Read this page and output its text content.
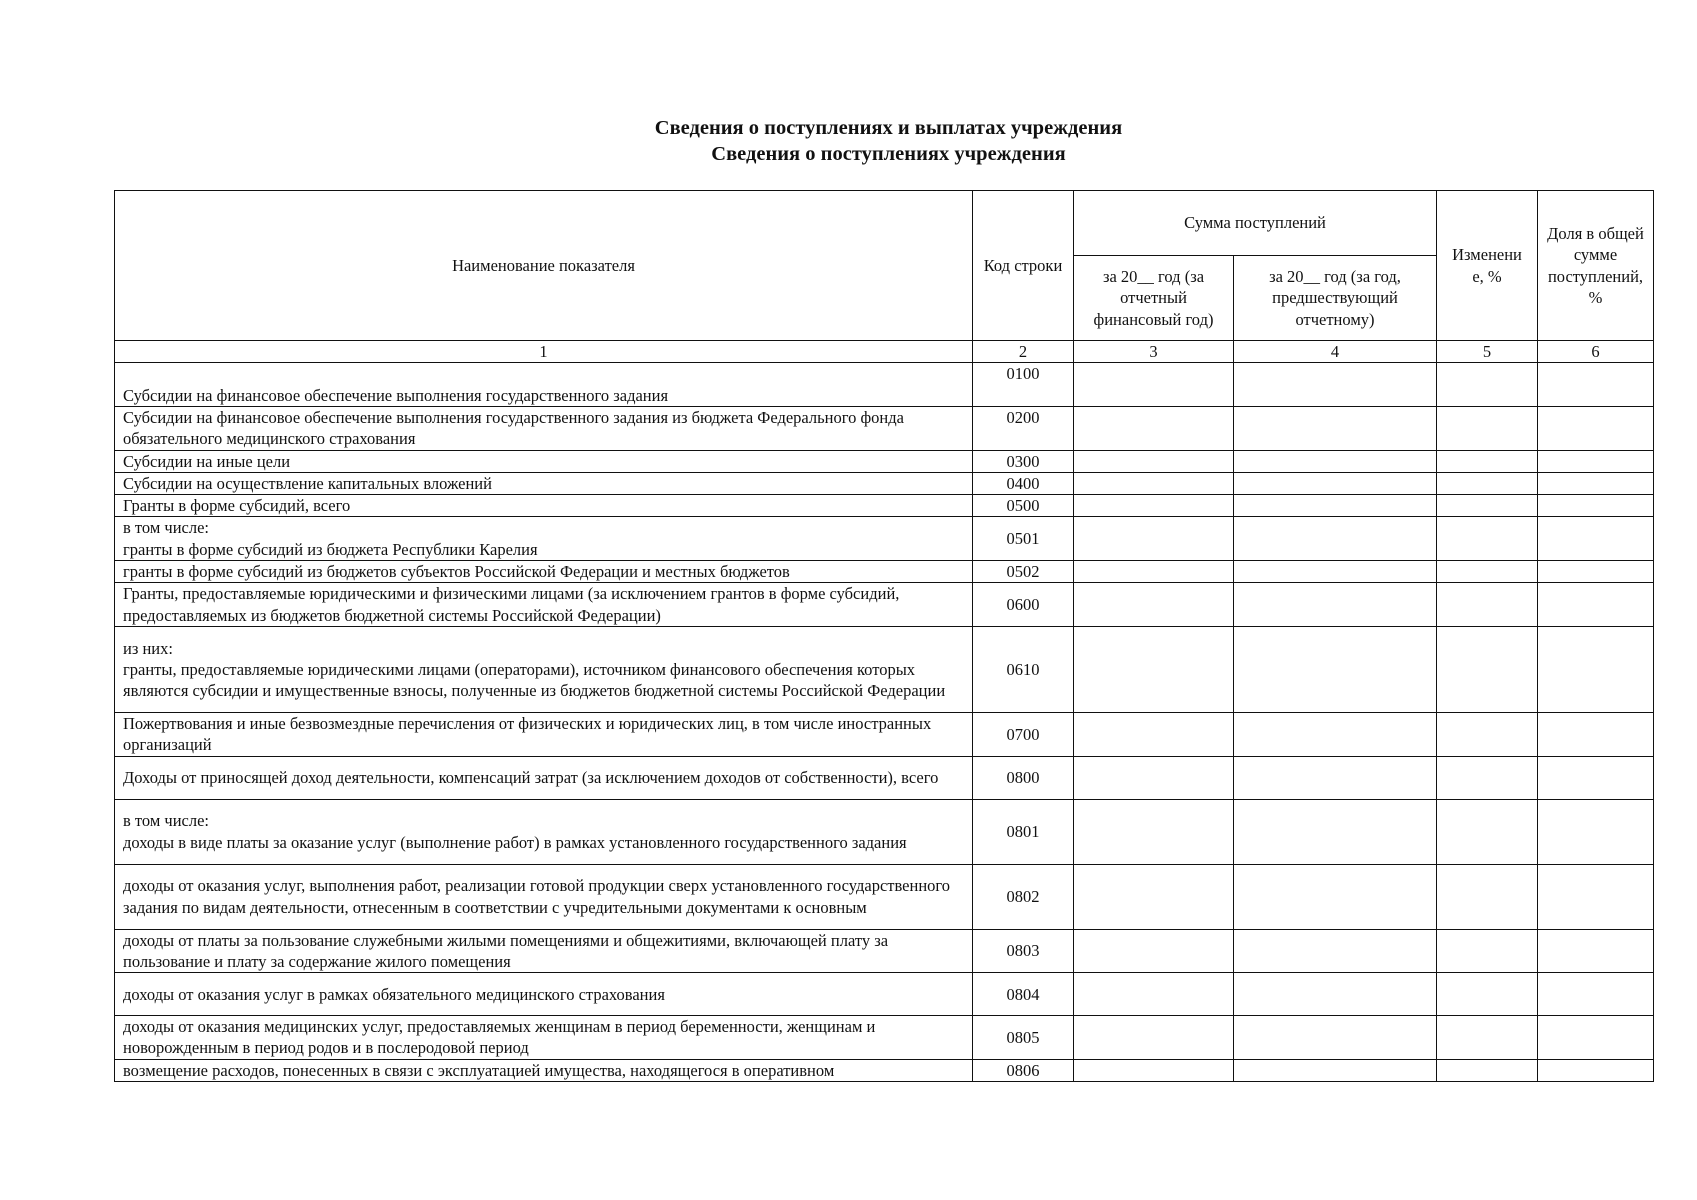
Сведения о поступлениях и выплатах учреждения
Сведения о поступлениях учреждения
Наименование показателя	Код строки	Сумма поступлений		Изменени е, %	Доля в общей сумме поступлений, %
		за 20__ год (за отчетный финансовый год)	за 20__ год (за год, предшествующий отчетному)		
1	2	3	4	5	6
Субсидии на финансовое обеспечение выполнения государственного задания	0100				
Субсидии на финансовое обеспечение выполнения государственного задания из бюджета Федерального фонда обязательного медицинского страхования	0200				
Субсидии на иные цели	0300				
Субсидии на осуществление капитальных вложений	0400				
Гранты в форме субсидий, всего	0500				
в том числе:
гранты в форме субсидий из бюджета Республики Карелия	0501				
гранты в форме субсидий из бюджетов субъектов Российской Федерации и местных бюджетов	0502				
Гранты, предоставляемые юридическими и физическими лицами (за исключением грантов в форме субсидий, предоставляемых из бюджетов бюджетной системы Российской Федерации)	0600				
из них:
гранты, предоставляемые юридическими лицами (операторами), источником финансового обеспечения которых являются субсидии и имущественные взносы, полученные из бюджетов бюджетной системы Российской Федерации	0610				
Пожертвования и иные безвозмездные перечисления от физических и юридических лиц, в том числе иностранных организаций	0700				
Доходы от приносящей доход деятельности, компенсаций затрат (за исключением доходов от собственности), всего	0800				
в том числе:
доходы в виде платы за оказание услуг (выполнение работ) в рамках установленного государственного задания	0801				
доходы от оказания услуг, выполнения работ, реализации готовой продукции сверх установленного государственного задания по видам деятельности, отнесенным в соответствии с учредительными документами к основным	0802				
доходы от платы за пользование служебными жилыми помещениями и общежитиями, включающей плату за пользование и плату за содержание жилого помещения	0803				
доходы от оказания услуг в рамках обязательного медицинского страхования	0804				
доходы от оказания медицинских услуг, предоставляемых женщинам в период беременности, женщинам и новорожденным в период родов и в послеродовой период	0805				
возмещение расходов, понесенных в связи с эксплуатацией имущества, находящегося в оперативном	0806				
